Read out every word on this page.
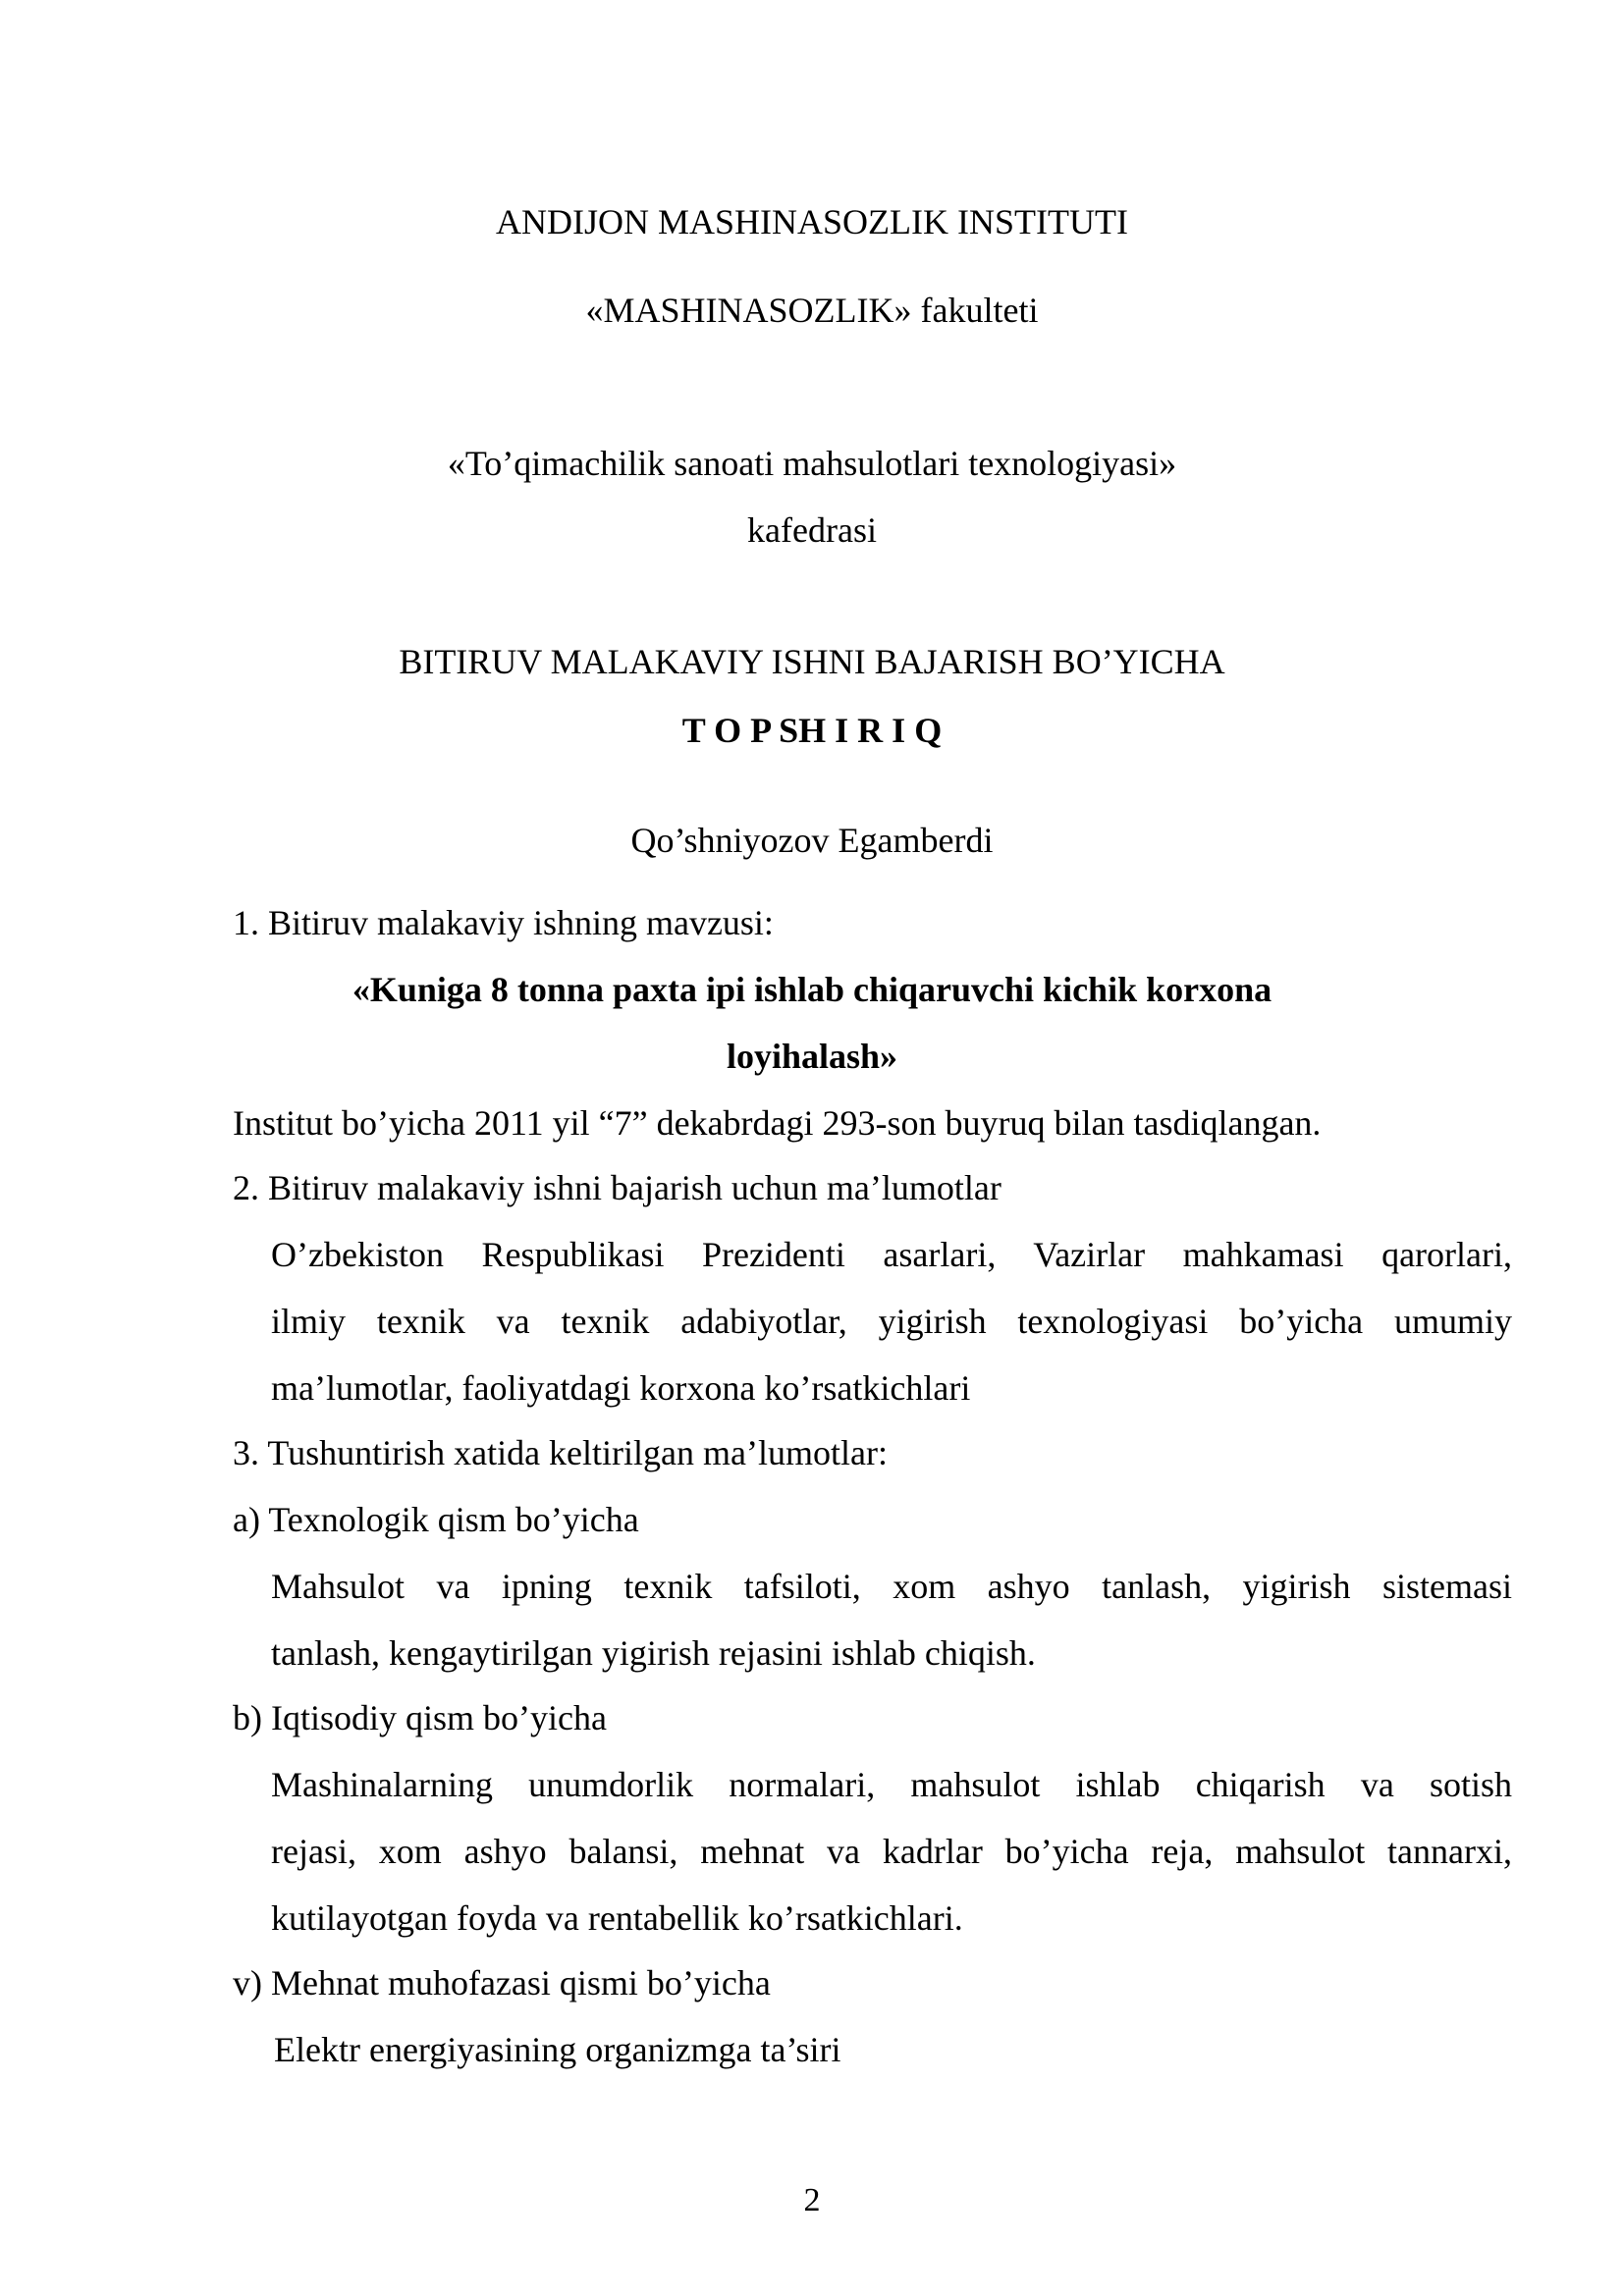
ANDIJON MASHINASOZLIK INSTITUTI
«MASHINASOZLIK» fakulteti
«To’qimachilik sanoati mahsulotlari texnologiyasi»
kafedrasi
BITIRUV MALAKAVIY ISHNI BAJARISH BO’YICHA
T O P SH I R I Q
Qo’shniyozov Egamberdi
1. Bitiruv malakaviy ishning mavzusi:
«Kuniga 8 tonna paxta ipi ishlab chiqaruvchi kichik korxona
loyihalash»
Institut bo’yicha 2011 yil “7” dekabrdagi 293-son buyruq bilan tasdiqlangan.
2. Bitiruv malakaviy ishni bajarish uchun ma’lumotlar
O’zbekiston Respublikasi Prezidenti asarlari, Vazirlar mahkamasi qarorlari,
ilmiy texnik va texnik adabiyotlar, yigirish texnologiyasi bo’yicha umumiy
ma’lumotlar, faoliyatdagi korxona ko’rsatkichlari
3. Tushuntirish xatida keltirilgan ma’lumotlar:
a) Texnologik qism bo’yicha
Mahsulot va ipning texnik tafsiloti, xom ashyo tanlash, yigirish sistemasi
tanlash, kengaytirilgan yigirish rejasini ishlab chiqish.
b) Iqtisodiy qism bo’yicha
Mashinalarning unumdorlik normalari, mahsulot ishlab chiqarish va sotish
rejasi, xom ashyo balansi, mehnat va kadrlar bo’yicha reja, mahsulot tannarxi,
kutilayotgan foyda va rentabellik ko’rsatkichlari.
v) Mehnat muhofazasi qismi bo’yicha
Elektr energiyasining organizmga ta’siri
2
